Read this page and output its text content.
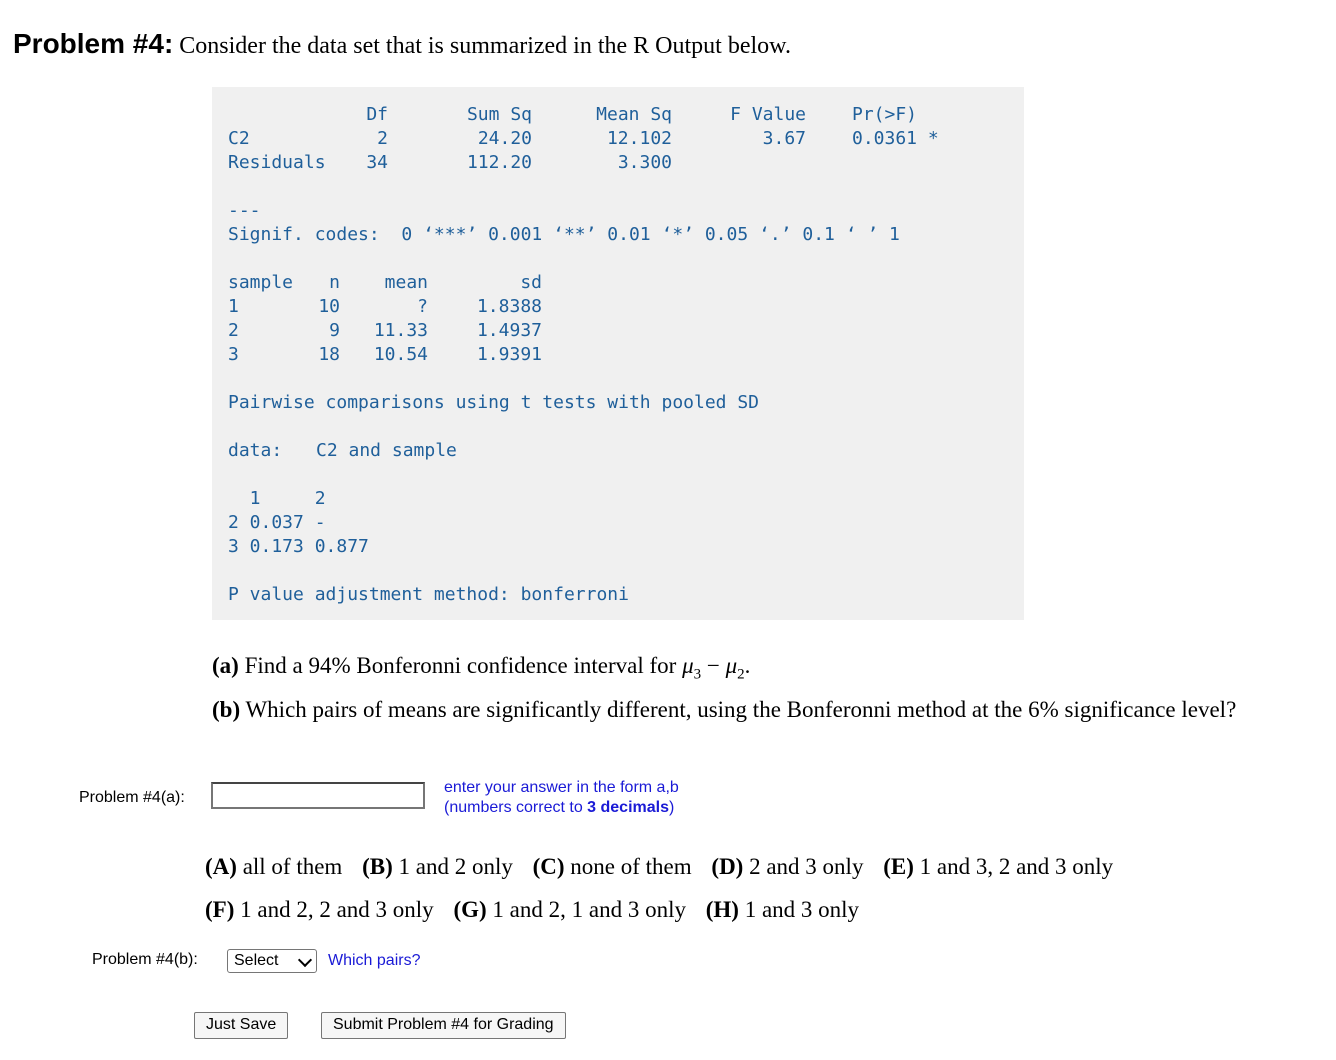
Problem #4: Consider the data set that is summarized in the R Output below.
Df	Sum Sq	Mean Sq	F Value	Pr(>F)
C2	2	24.20	12.102	3.67	0.0361 *
Residuals	34	112.20	3.300
---
Signif. codes:  0 ‘***’ 0.001 ‘**’ 0.01 ‘*’ 0.05 ‘.’ 0.1 ‘ ’ 1
sample	n	mean	sd
1	10	?	1.8388
2	9	11.33	1.4937
3	18	10.54	1.9391
Pairwise comparisons using t tests with pooled SD
data: C2 and sample
1     2
2 0.037 -
3 0.173 0.877
P value adjustment method: bonferroni
(a) Find a 94% Bonferonni confidence interval for $\mu_3 - \mu_2$.
(b) Which pairs of means are significantly different, using the Bonferonni method at the 6% significance level?
Problem #4(a):
enter your answer in the form a,b
(numbers correct to 3 decimals)
(A) all of them (B) 1 and 2 only (C) none of them (D) 2 and 3 only (E) 1 and 3, 2 and 3 only
(F) 1 and 2, 2 and 3 only (G) 1 and 2, 1 and 3 only (H) 1 and 3 only
Problem #4(b):	Select	Which pairs?
Just Save	Submit Problem #4 for Grading
